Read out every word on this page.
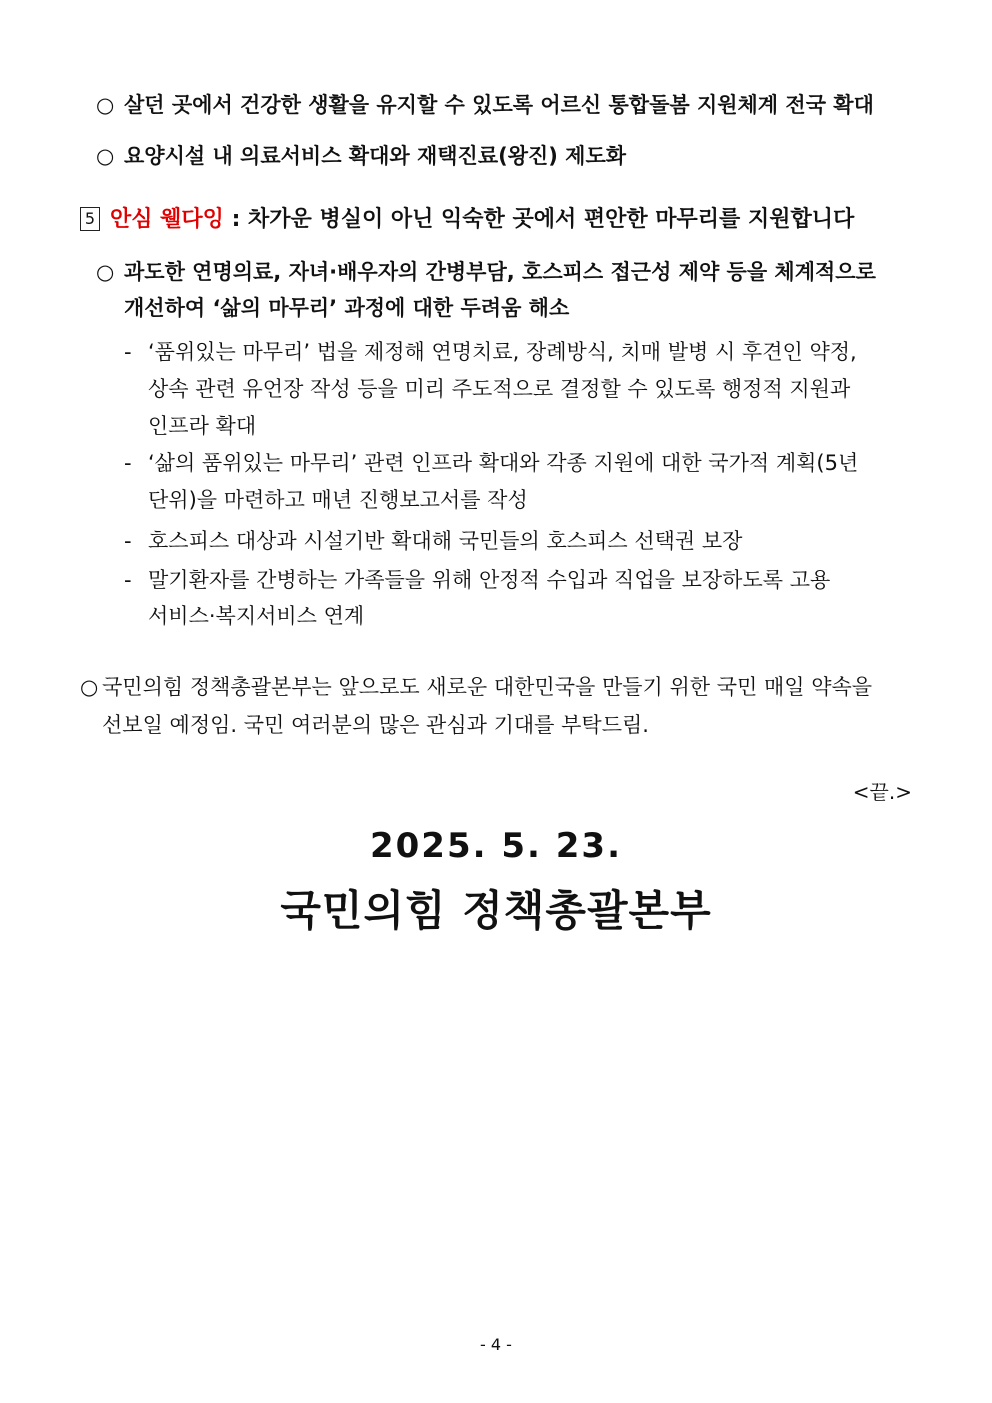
○ 살던 곳에서 건강한 생활을 유지할 수 있도록 어르신 통합돌봄 지원체계 전국 확대
○ 요양시설 내 의료서비스 확대와 재택진료(왕진) 제도화
5 안심 웰다잉 : 차가운 병실이 아닌 익숙한 곳에서 편안한 마무리를 지원합니다
○ 과도한 연명의료, 자녀·배우자의 간병부담, 호스피스 접근성 제약 등을 체계적으로
개선하여 ‘삶의 마무리’ 과정에 대한 두려움 해소
- ‘품위있는 마무리’ 법을 제정해 연명치료, 장례방식, 치매 발병 시 후견인 약정,
상속 관련 유언장 작성 등을 미리 주도적으로 결정할 수 있도록 행정적 지원과
인프라 확대
- ‘삶의 품위있는 마무리’ 관련 인프라 확대와 각종 지원에 대한 국가적 계획(5년
단위)을 마련하고 매년 진행보고서를 작성
- 호스피스 대상과 시설기반 확대해 국민들의 호스피스 선택권 보장
- 말기환자를 간병하는 가족들을 위해 안정적 수입과 직업을 보장하도록 고용
서비스·복지서비스 연계
○ 국민의힘 정책총괄본부는 앞으로도 새로운 대한민국을 만들기 위한 국민 매일 약속을
선보일 예정임. 국민 여러분의 많은 관심과 기대를 부탁드림.
<끝.>
2025. 5. 23.
국민의힘 정책총괄본부
- 4 -
